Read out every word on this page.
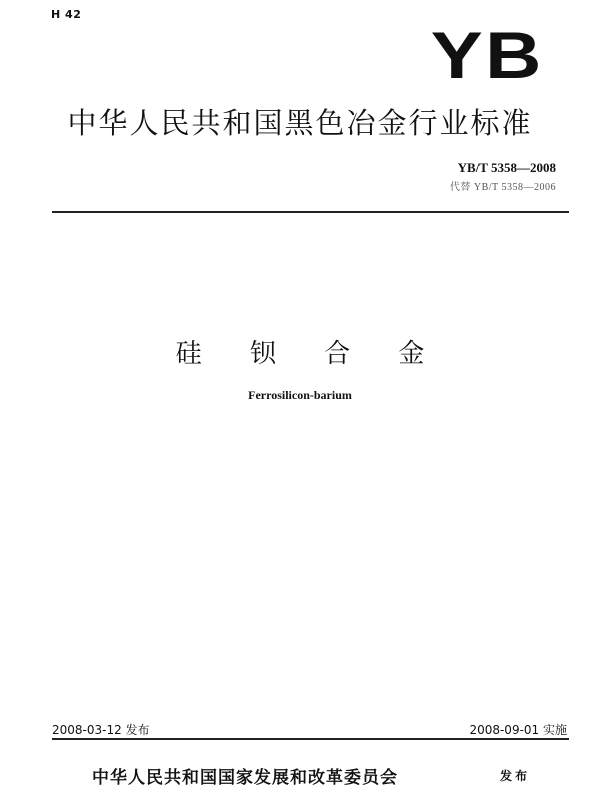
H 42
YB
中华人民共和国黑色冶金行业标准
YB/T 5358—2008
代替 YB/T 5358—2006
硅 钡 合 金
Ferrosilicon-barium
2008-03-12 发布	2008-09-01 实施
中华人民共和国国家发展和改革委员会	发布
